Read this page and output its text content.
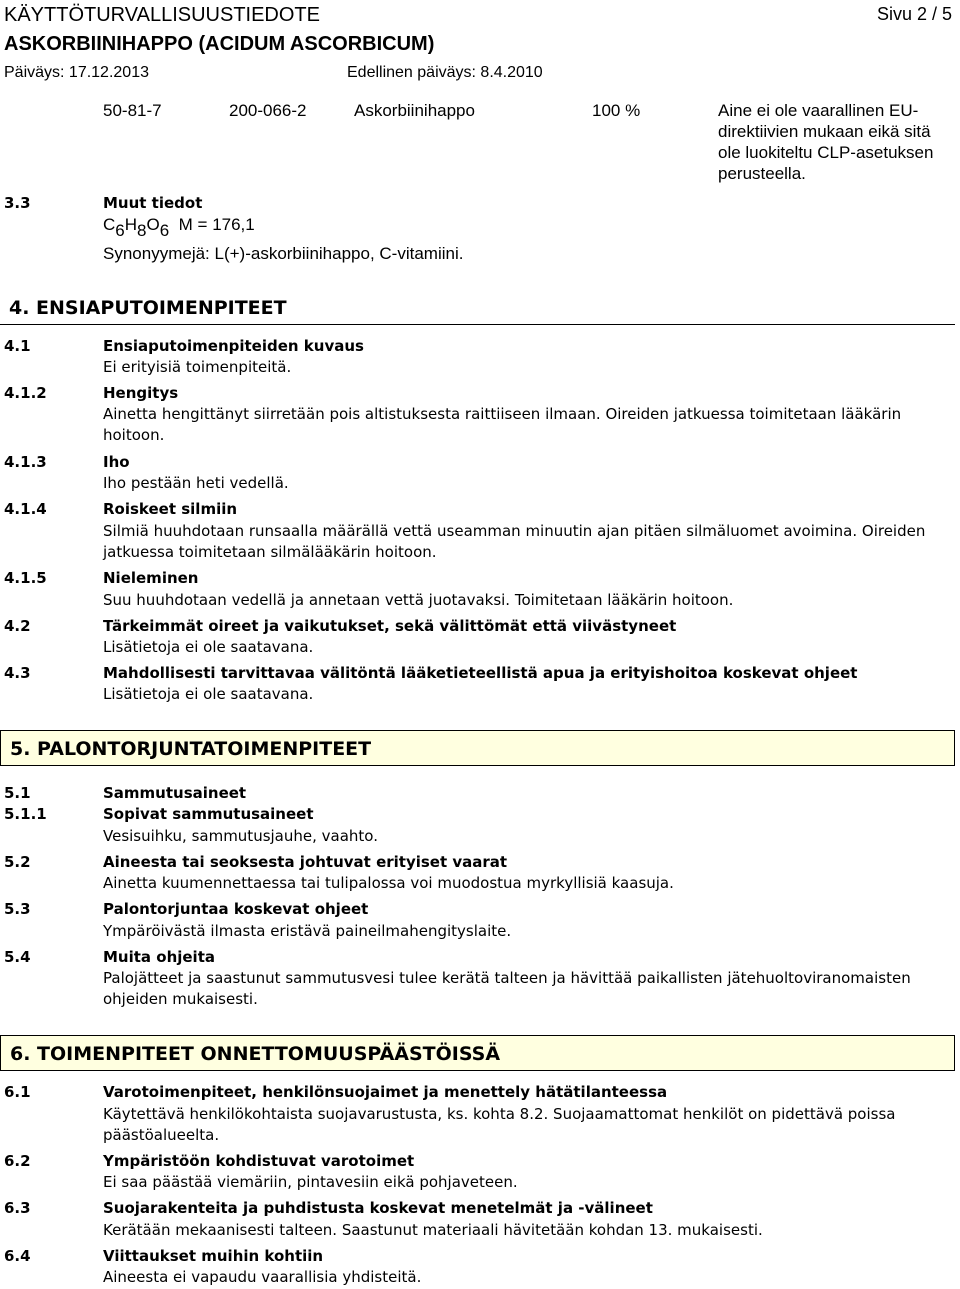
KÄYTTÖTURVALLISUUSTIEDOTE	Sivu 2 / 5
ASKORBIINIHAPPO (ACIDUM ASCORBICUM)
Päiväys: 17.12.2013	Edellinen päiväys: 8.4.2010
50-81-7	200-066-2	Askorbiinihappo	100 %	Aine ei ole vaarallinen EU-direktiivien mukaan eikä sitä ole luokiteltu CLP-asetuksen perusteella.
3.3	Muut tiedot
$C_6H_8O_6$ M = 176,1
Synonyymejä: L(+)-askorbiinihappo, C-vitamiini.
4. ENSIAPUTOIMENPITEET
4.1	Ensiaputoimenpiteiden kuvaus
Ei erityisiä toimenpiteitä.
4.1.2	Hengitys
Ainetta hengittänyt siirretään pois altistuksesta raittiiseen ilmaan. Oireiden jatkuessa toimitetaan lääkärin hoitoon.
4.1.3	Iho
Iho pestään heti vedellä.
4.1.4	Roiskeet silmiin
Silmiä huuhdotaan runsaalla määrällä vettä useamman minuutin ajan pitäen silmäluomet avoimina. Oireiden jatkuessa toimitetaan silmälääkärin hoitoon.
4.1.5	Nieleminen
Suu huuhdotaan vedellä ja annetaan vettä juotavaksi. Toimitetaan lääkärin hoitoon.
4.2	Tärkeimmät oireet ja vaikutukset, sekä välittömät että viivästyneet
Lisätietoja ei ole saatavana.
4.3	Mahdollisesti tarvittavaa välitöntä lääketieteellistä apua ja erityishoitoa koskevat ohjeet
Lisätietoja ei ole saatavana.
5. PALONTORJUNTATOIMENPITEET
5.1	Sammutusaineet
5.1.1	Sopivat sammutusaineet
Vesisuihku, sammutusjauhe, vaahto.
5.2	Aineesta tai seoksesta johtuvat erityiset vaarat
Ainetta kuumennettaessa tai tulipalossa voi muodostua myrkyllisiä kaasuja.
5.3	Palontorjuntaa koskevat ohjeet
Ympäröivästä ilmasta eristävä paineilmahengityslaite.
5.4	Muita ohjeita
Palojätteet ja saastunut sammutusvesi tulee kerätä talteen ja hävittää paikallisten jätehuoltoviranomaisten ohjeiden mukaisesti.
6. TOIMENPITEET ONNETTOMUUSPÄÄSTÖISSÄ
6.1	Varotoimenpiteet, henkilönsuojaimet ja menettely hätätilanteessa
Käytettävä henkilökohtaista suojavarustusta, ks. kohta 8.2. Suojaamattomat henkilöt on pidettävä poissa päästöalueelta.
6.2	Ympäristöön kohdistuvat varotoimet
Ei saa päästää viemäriin, pintavesiin eikä pohjaveteen.
6.3	Suojarakenteita ja puhdistusta koskevat menetelmät ja -välineet
Kerätään mekaanisesti talteen. Saastunut materiaali hävitetään kohdan 13. mukaisesti.
6.4	Viittaukset muihin kohtiin
Aineesta ei vapaudu vaarallisia yhdisteitä.
